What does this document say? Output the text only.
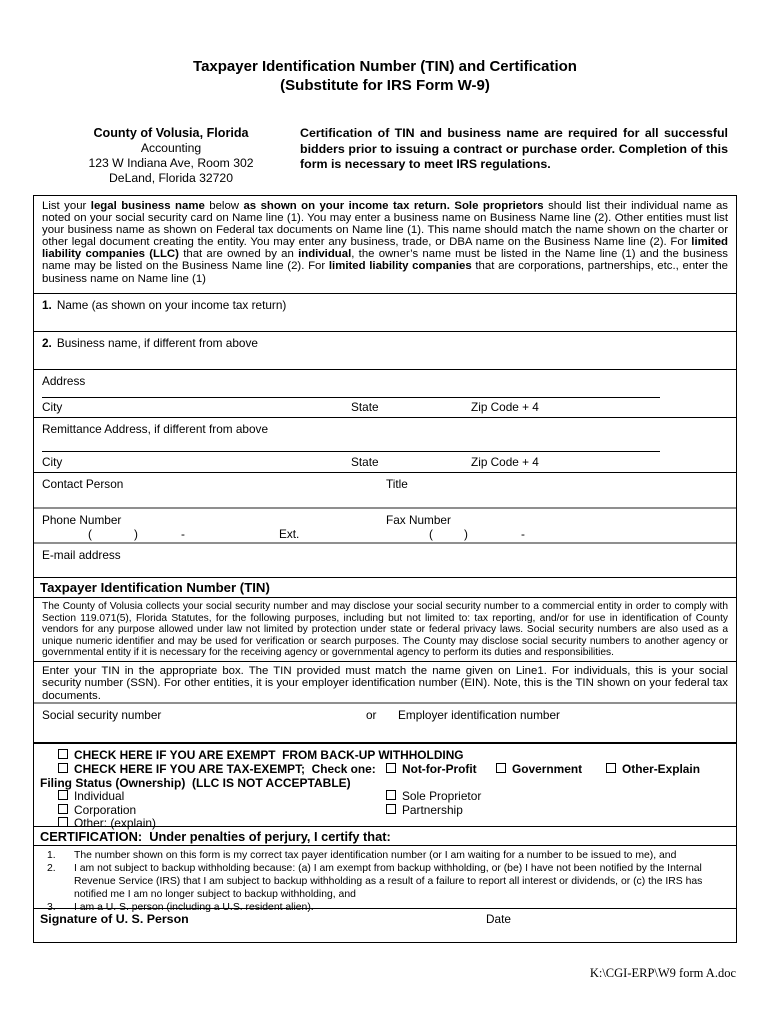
Taxpayer Identification Number (TIN) and Certification
(Substitute for IRS Form W-9)
County of Volusia, Florida
Accounting
123 W Indiana Ave, Room 302
DeLand, Florida 32720
Certification of TIN and business name are required for all successful bidders prior to issuing a contract or purchase order. Completion of this form is necessary to meet IRS regulations.
List your legal business name below as shown on your income tax return. Sole proprietors should list their individual name as noted on your social security card on Name line (1). You may enter a business name on Business Name line (2). Other entities must list your business name as shown on Federal tax documents on Name line (1). This name should match the name shown on the charter or other legal document creating the entity. You may enter any business, trade, or DBA name on the Business Name line (2). For limited liability companies (LLC) that are owned by an individual, the owner’s name must be listed in the Name line (1) and the business name may be listed on the Business Name line (2). For limited liability companies that are corporations, partnerships, etc., enter the business name on Name line (1)
1. Name (as shown on your income tax return)
2. Business name, if different from above
Address
City	State	Zip Code + 4
Remittance Address, if different from above
City	State	Zip Code + 4
Contact Person	Title
Phone Number	Fax Number
(	)	-	Ext.	(	)	-
E-mail address
Taxpayer Identification Number (TIN)
The County of Volusia collects your social security number and may disclose your social security number to a commercial entity in order to comply with Section 119.071(5), Florida Statutes, for the following purposes, including but not limited to: tax reporting, and/or for use in identification of County vendors for any purpose allowed under law not limited by protection under state or federal privacy laws. Social security numbers are also used as a unique numeric identifier and may be used for verification or search purposes. The County may disclose social security numbers to another agency or governmental entity if it is necessary for the receiving agency or governmental agency to perform its duties and responsibilities.
Enter your TIN in the appropriate box. The TIN provided must match the name given on Line1. For individuals, this is your social security number (SSN). For other entities, it is your employer identification number (EIN). Note, this is the TIN shown on your federal tax documents.
Social security number	or Employer identification number
CHECK HERE IF YOU ARE EXEMPT  FROM BACK-UP WITHHOLDING
CHECK HERE IF YOU ARE TAX-EXEMPT;  Check one: Not-for-Profit	Government	Other-Explain
Filing Status (Ownership)  (LLC IS NOT ACCEPTABLE)
Individual	Sole Proprietor
Corporation	Partnership
Other: (explain)
CERTIFICATION:  Under penalties of perjury, I certify that:
1.	The number shown on this form is my correct tax payer identification number (or I am waiting for a number to be issued to me), and
2.	I am not subject to backup withholding because: (a) I am exempt from backup withholding, or (be) I have not been notified by the Internal Revenue Service (IRS) that I am subject to backup withholding as a result of a failure to report all interest or dividends, or (c) the IRS has notified me I am no longer subject to backup withholding, and
3.	I am a U. S. person (including a U.S. resident alien).
Signature of U. S. Person	Date
K:\CGI-ERP\W9 form A.doc
